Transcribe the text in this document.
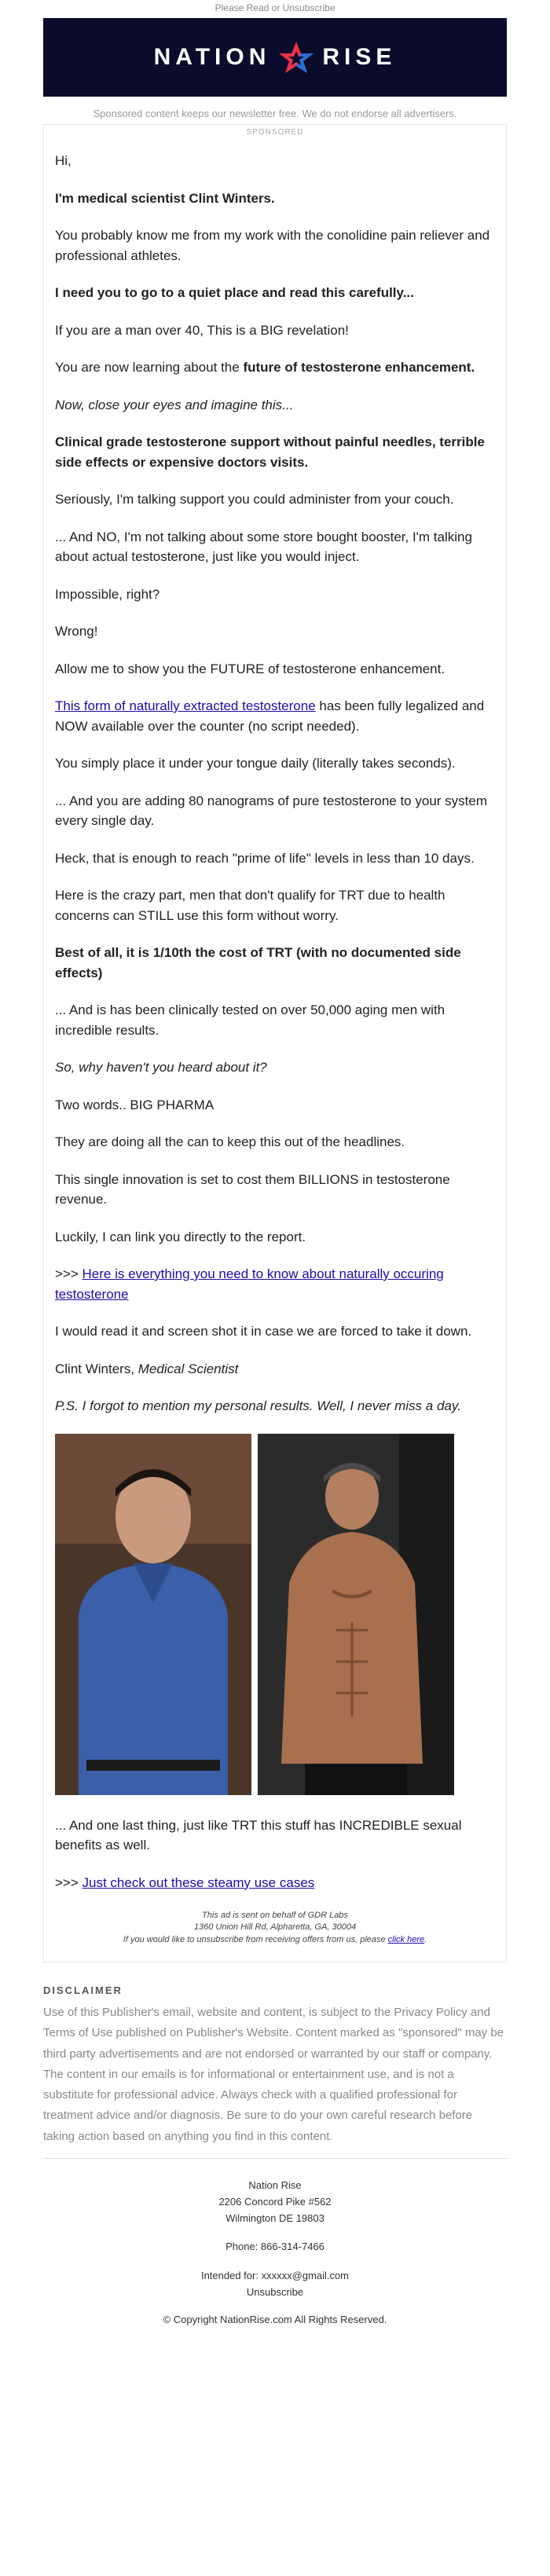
Please Read or Unsubscribe
NATION RISE
Sponsored content keeps our newsletter free. We do not endorse all advertisers.
SPONSORED

Hi,

I'm medical scientist Clint Winters.

You probably know me from my work with the conolidine pain reliever and professional athletes.

I need you to go to a quiet place and read this carefully...

If you are a man over 40, This is a BIG revelation!

You are now learning about the future of testosterone enhancement.

Now, close your eyes and imagine this...

Clinical grade testosterone support without painful needles, terrible side effects or expensive doctors visits.

Seriously, I'm talking support you could administer from your couch.

... And NO, I'm not talking about some store bought booster, I'm talking about actual testosterone, just like you would inject.

Impossible, right?

Wrong!

Allow me to show you the FUTURE of testosterone enhancement.

This form of naturally extracted testosterone has been fully legalized and NOW available over the counter (no script needed).

You simply place it under your tongue daily (literally takes seconds).

... And you are adding 80 nanograms of pure testosterone to your system every single day.

Heck, that is enough to reach "prime of life" levels in less than 10 days.

Here is the crazy part, men that don't qualify for TRT due to health concerns can STILL use this form without worry.

Best of all, it is 1/10th the cost of TRT (with no documented side effects)

... And is has been clinically tested on over 50,000 aging men with incredible results.

So, why haven't you heard about it?

Two words.. BIG PHARMA

They are doing all the can to keep this out of the headlines.

This single innovation is set to cost them BILLIONS in testosterone revenue.

Luckily, I can link you directly to the report.

>>> Here is everything you need to know about naturally occuring testosterone

I would read it and screen shot it in case we are forced to take it down.

Clint Winters, Medical Scientist

P.S. I forgot to mention my personal results. Well, I never miss a day.

... And one last thing, just like TRT this stuff has INCREDIBLE sexual benefits as well.

>>> Just check out these steamy use cases

This ad is sent on behalf of GDR Labs
1360 Union Hill Rd, Alpharetta, GA, 30004
If you would like to unsubscribe from receiving offers from us, please click here.
DISCLAIMER
Use of this Publisher's email, website and content, is subject to the Privacy Policy and Terms of Use published on Publisher's Website. Content marked as "sponsored" may be third party advertisements and are not endorsed or warranted by our staff or company. The content in our emails is for informational or entertainment use, and is not a substitute for professional advice. Always check with a qualified professional for treatment advice and/or diagnosis. Be sure to do your own careful research before taking action based on anything you find in this content.
Nation Rise
2206 Concord Pike #562
Wilmington DE 19803
Phone: 866-314-7466
Intended for: xxxxxx@gmail.com
Unsubscribe
© Copyright NationRise.com All Rights Reserved.
